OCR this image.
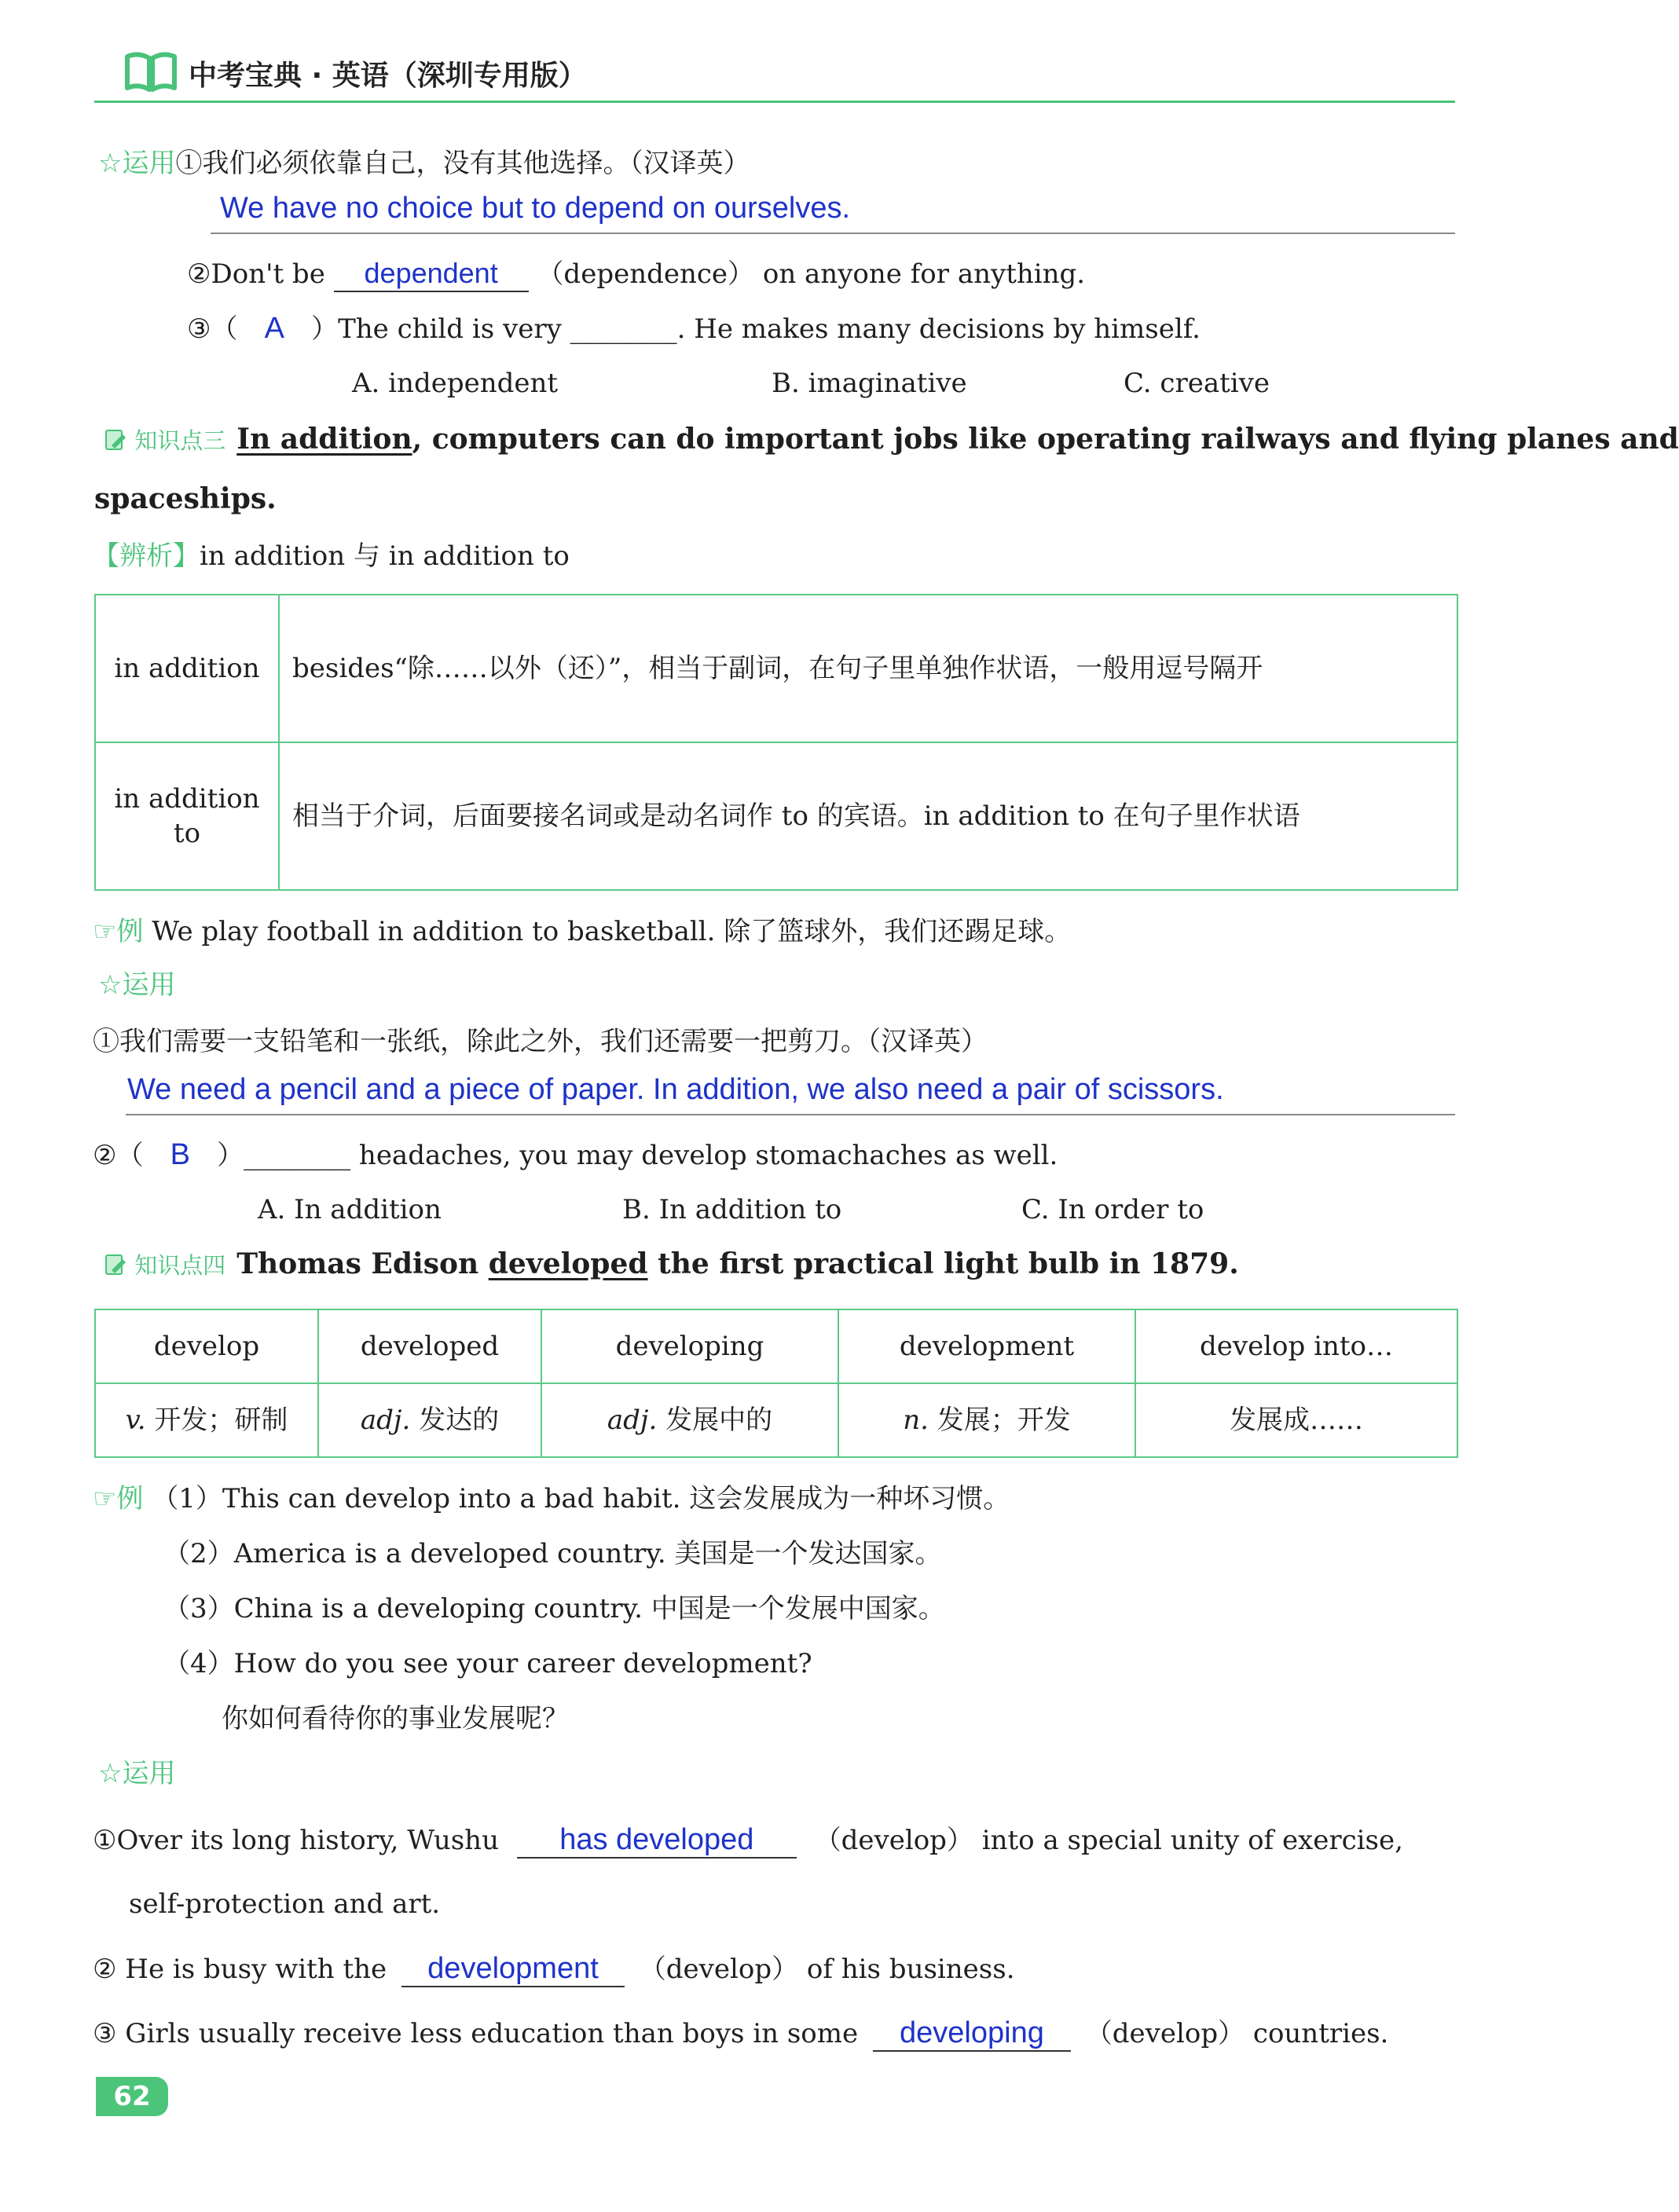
中考宝典 · 英语（深圳专用版）
☆运用①我们必须依靠自己，没有其他选择。（汉译英）
We have no choice but to depend on ourselves.
②Don't be dependent （dependence） on anyone for anything.
③（ A ）The child is very ________. He makes many decisions by himself.
A. independent	B. imaginative	C. creative
知识点三 In addition, computers can do important jobs like operating railways and flying planes and
spaceships.
【辨析】in addition 与 in addition to
in addition	besides“除……以外（还）”，相当于副词，在句子里单独作状语，一般用逗号隔开
in addition to	相当于介词，后面要接名词或是动名词作 to 的宾语。in addition to 在句子里作状语
☞例 We play football in addition to basketball. 除了篮球外，我们还踢足球。
☆运用
①我们需要一支铅笔和一张纸，除此之外，我们还需要一把剪刀。（汉译英）
We need a pencil and a piece of paper. In addition, we also need a pair of scissors.
②（ B ）________ headaches, you may develop stomachaches as well.
A. In addition	B. In addition to	C. In order to
知识点四 Thomas Edison developed the first practical light bulb in 1879.
develop	developed	developing	development	develop into…
v. 开发；研制	adj. 发达的	adj. 发展中的	n. 发展；开发	发展成……
☞例 （1）This can develop into a bad habit. 这会发展成为一种坏习惯。
（2）America is a developed country. 美国是一个发达国家。
（3）China is a developing country. 中国是一个发展中国家。
（4）How do you see your career development?
你如何看待你的事业发展呢？
☆运用
①Over its long history, Wushu has developed （develop） into a special unity of exercise,
self-protection and art.
② He is busy with the development （develop） of his business.
③ Girls usually receive less education than boys in some developing （develop） countries.
62
